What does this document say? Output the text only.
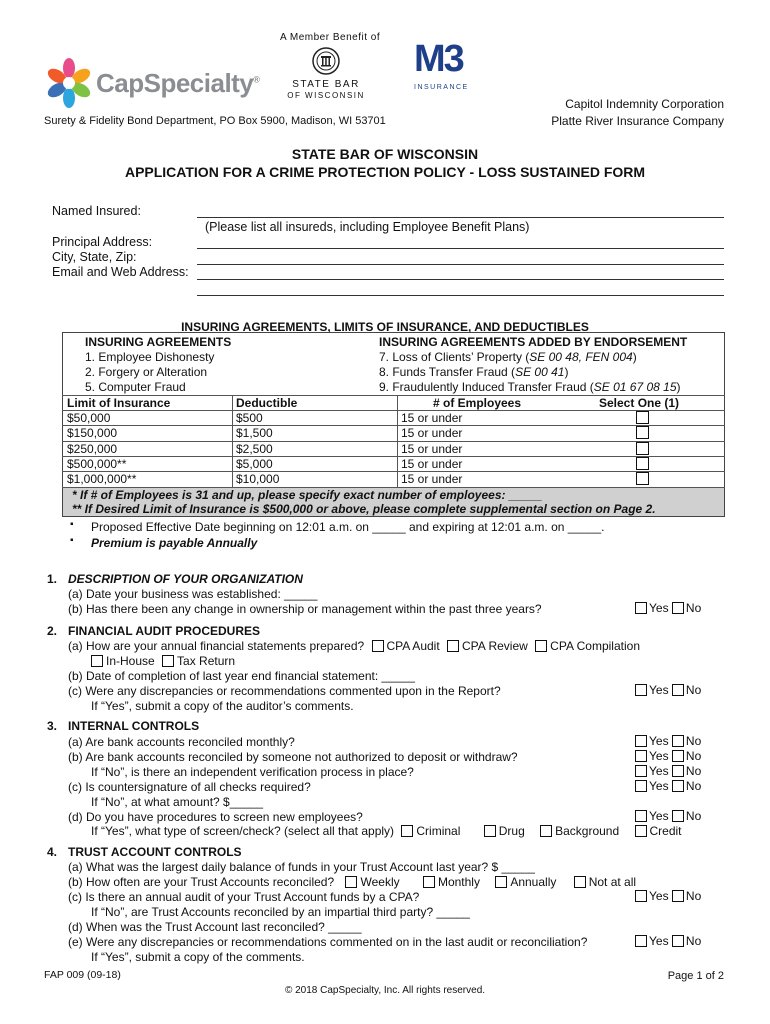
CapSpecialty®
A Member Benefit of
STATE BAR
OF WISCONSIN
M3
INSURANCE
Capitol Indemnity Corporation
Platte River Insurance Company
Surety & Fidelity Bond Department, PO Box 5900, Madison, WI 53701
STATE BAR OF WISCONSIN
APPLICATION FOR A CRIME PROTECTION POLICY - LOSS SUSTAINED FORM
Named Insured:
(Please list all insureds, including Employee Benefit Plans)
Principal Address:
City, State, Zip:
Email and Web Address:
INSURING AGREEMENTS, LIMITS OF INSURANCE, AND DEDUCTIBLES
INSURING AGREEMENTS
1. Employee Dishonesty
2. Forgery or Alteration
5. Computer Fraud
INSURING AGREEMENTS ADDED BY ENDORSEMENT
7. Loss of Clients’ Property (SE 00 48, FEN 004)
8. Funds Transfer Fraud (SE 00 41)
9. Fraudulently Induced Transfer Fraud (SE 01 67 08 15)
Limit of Insurance	Deductible	# of Employees	Select One (1)
$50,000	$500	15 or under
$150,000	$1,500	15 or under
$250,000	$2,500	15 or under
$500,000**	$5,000	15 or under
$1,000,000**	$10,000	15 or under
* If # of Employees is 31 and up, please specify exact number of employees: _____
** If Desired Limit of Insurance is $500,000 or above, please complete supplemental section on Page 2.
▪ Proposed Effective Date beginning on 12:01 a.m. on _____ and expiring at 12:01 a.m. on _____.
▪ Premium is payable Annually
1. DESCRIPTION OF YOUR ORGANIZATION
(a) Date your business was established: _____
(b) Has there been any change in ownership or management within the past three years?	Yes No
2. FINANCIAL AUDIT PROCEDURES
(a) How are your annual financial statements prepared? CPA Audit CPA Review CPA Compilation
In-House Tax Return
(b) Date of completion of last year end financial statement: _____
(c) Were any discrepancies or recommendations commented upon in the Report?	Yes No
If “Yes”, submit a copy of the auditor’s comments.
3. INTERNAL CONTROLS
(a) Are bank accounts reconciled monthly?	Yes No
(b) Are bank accounts reconciled by someone not authorized to deposit or withdraw?	Yes No
If “No”, is there an independent verification process in place?	Yes No
(c) Is countersignature of all checks required?	Yes No
If “No”, at what amount? $_____
(d) Do you have procedures to screen new employees?	Yes No
If “Yes”, what type of screen/check? (select all that apply) Criminal	Drug	Background	Credit
4. TRUST ACCOUNT CONTROLS
(a) What was the largest daily balance of funds in your Trust Account last year? $ _____
(b) How often are your Trust Accounts reconciled? Weekly	Monthly	Annually	Not at all
(c) Is there an annual audit of your Trust Account funds by a CPA?	Yes No
If “No”, are Trust Accounts reconciled by an impartial third party? _____
(d) When was the Trust Account last reconciled? _____
(e) Were any discrepancies or recommendations commented on in the last audit or reconciliation?	Yes No
If “Yes”, submit a copy of the comments.
FAP 009 (09-18)	Page 1 of 2
© 2018 CapSpecialty, Inc. All rights reserved.
